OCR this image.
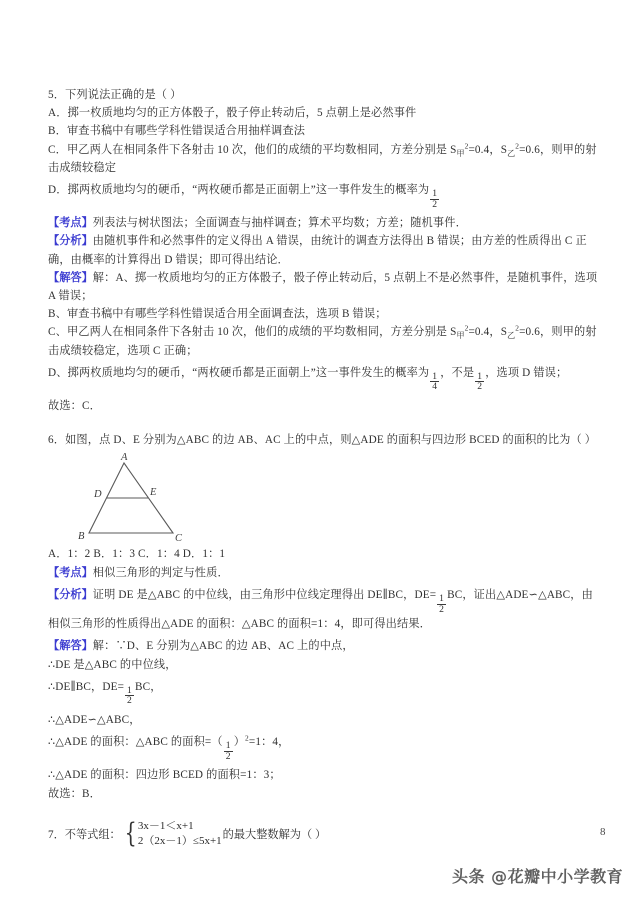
5．下列说法正确的是（ ）

A．掷一枚质地均匀的正方体骰子，骰子停止转动后，5 点朝上是必然事件

B．审查书稿中有哪些学科性错误适合用抽样调查法

C．甲乙两人在相同条件下各射击 10 次，他们的成绩的平均数相同，方差分别是 $S_甲^2=0.4$，$S_乙^2=0.6$，则甲的射击成绩较稳定

D．掷两枚质地均匀的硬币，“两枚硬币都是正面朝上”这一事件发生的概率为 $\frac{1}{2}$

【考点】列表法与树状图法；全面调查与抽样调查；算术平均数；方差；随机事件．

【分析】由随机事件和必然事件的定义得出 A 错误，由统计的调查方法得出 B 错误；由方差的性质得出 C 正确，由概率的计算得出 D 错误；即可得出结论．

【解答】解：A、掷一枚质地均匀的正方体骰子，骰子停止转动后，5 点朝上不是必然事件，是随机事件，选项 A 错误；

B、审查书稿中有哪些学科性错误适合用全面调查法，选项 B 错误；

C、甲乙两人在相同条件下各射击 10 次，他们的成绩的平均数相同，方差分别是 $S_甲^2=0.4$，$S_乙^2=0.6$，则甲的射击成绩较稳定，选项 C 正确；

D、掷两枚质地均匀的硬币，“两枚硬币都是正面朝上”这一事件发生的概率为 $\frac{1}{4}$ ，不是 $\frac{1}{2}$ ，选项 D 错误；

故选：C．

6．如图，点 D、E 分别为△ABC 的边 AB、AC 上的中点，则△ADE 的面积与四边形 BCED 的面积的比为（ ）

A
B	C
D	E

A．1：2 B．1：3 C．1：4 D．1：1

【考点】相似三角形的判定与性质．

【分析】证明 DE 是△ABC 的中位线，由三角形中位线定理得出 DE∥BC，$DE= \frac{1}{2}$ BC，证出△ADE∽△ABC，由相似三角形的性质得出△ADE 的面积：△ABC 的面积=1：4，即可得出结果．

【解答】解：∵D、E 分别为△ABC 的边 AB、AC 上的中点，

∴DE 是△ABC 的中位线，

∴DE∥BC，$DE= \frac{1}{2}$ BC，

∴△ADE∽△ABC，

∴△ADE 的面积：△ABC 的面积=（ $\frac{1}{2} )^2=1$：4，

∴△ADE 的面积：四边形 BCED 的面积=1：3；

故选：B．

7．不等式组： { 3x－1＜x+1
2（2x－1）≤5x+1 的最大整数解为（ ）	8
头条 @花瓣中小学教育
